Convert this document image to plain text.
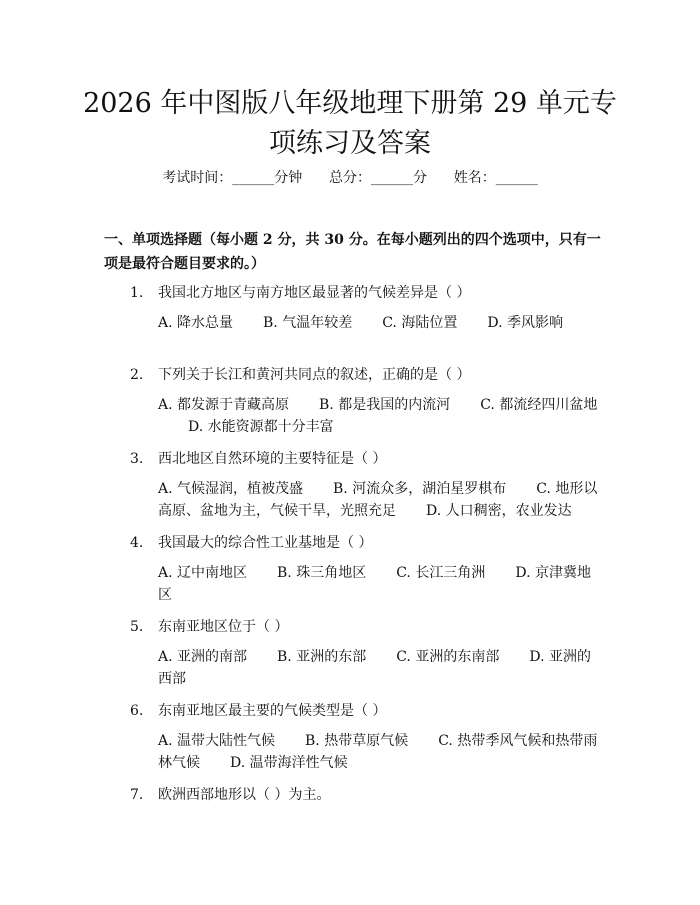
2026 年中图版八年级地理下册第 29 单元专
项练习及答案
考试时间：______分钟 总分：______分 姓名：______
一、单项选择题（每小题 2 分，共 30 分。在每小题列出的四个选项中，只有一项是最符合题目要求的。）
1. 我国北方地区与南方地区最显著的气候差异是（ ）
A. 降水总量 B. 气温年较差 C. 海陆位置 D. 季风影响
2. 下列关于长江和黄河共同点的叙述，正确的是（ ）
A. 都发源于青藏高原 B. 都是我国的内流河 C. 都流经四川盆地D. 水能资源都十分丰富
3. 西北地区自然环境的主要特征是（ ）
A. 气候湿润，植被茂盛 B. 河流众多，湖泊星罗棋布 C. 地形以高原、盆地为主，气候干旱，光照充足 D. 人口稠密，农业发达
4. 我国最大的综合性工业基地是（ ）
A. 辽中南地区 B. 珠三角地区 C. 长江三角洲 D. 京津冀地区
5. 东南亚地区位于（ ）
A. 亚洲的南部 B. 亚洲的东部 C. 亚洲的东南部 D. 亚洲的西部
6. 东南亚地区最主要的气候类型是（ ）
A. 温带大陆性气候 B. 热带草原气候 C. 热带季风气候和热带雨林气候 D. 温带海洋性气候
7. 欧洲西部地形以（ ）为主。
